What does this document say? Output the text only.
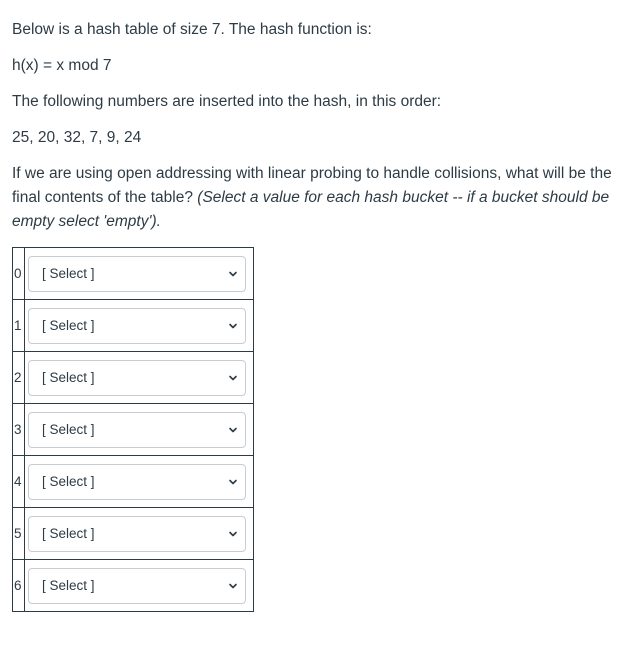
Below is a hash table of size 7. The hash function is:

h(x) = x mod 7

The following numbers are inserted into the hash, in this order:

25, 20, 32, 7, 9, 24

If we are using open addressing with linear probing to handle collisions, what will be the final contents of the table? (Select a value for each hash bucket -- if a bucket should be empty select 'empty').

0	[ Select ]

1	[ Select ]

2	[ Select ]

3	[ Select ]

4	[ Select ]

5	[ Select ]

6	[ Select ]
